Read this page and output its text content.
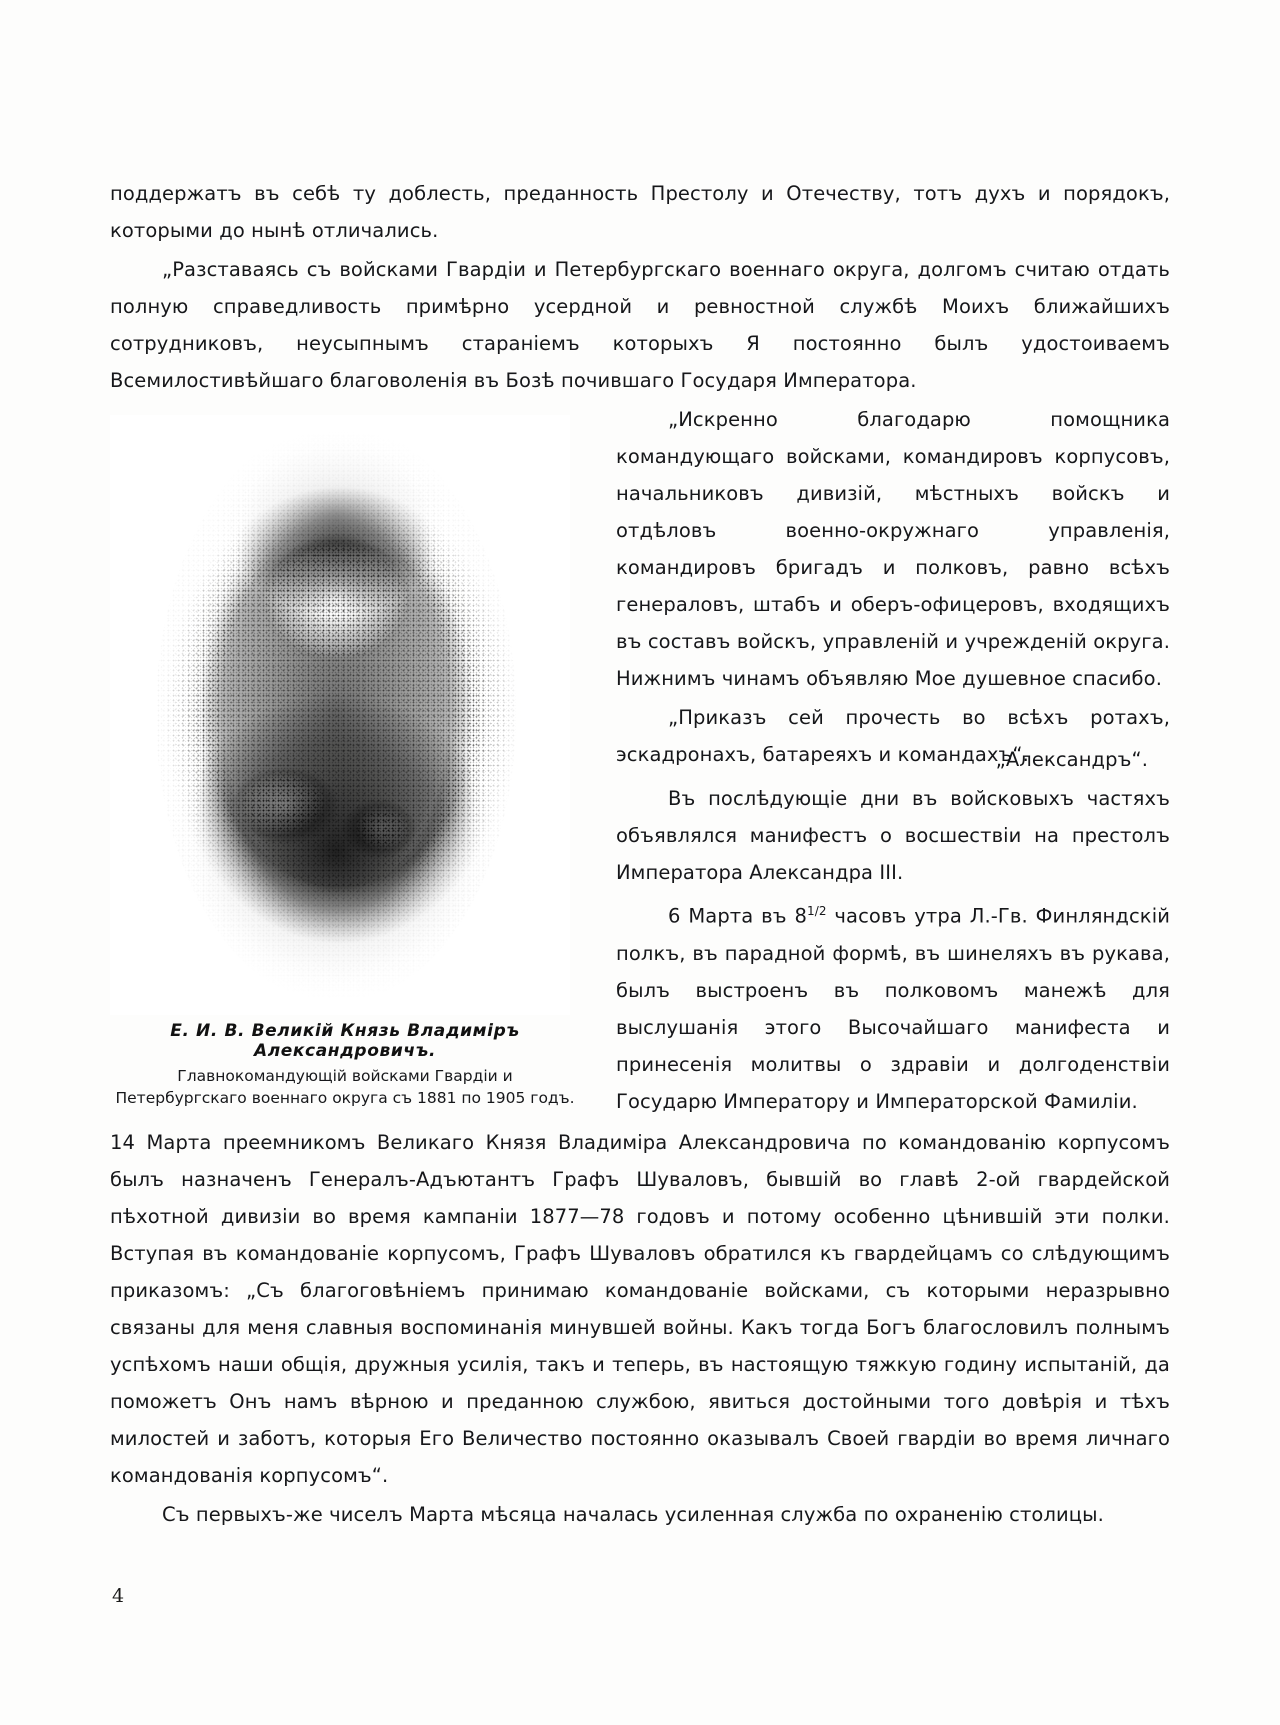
поддержатъ въ себѣ ту доблесть, преданность Престолу и Отечеству, тотъ духъ и порядокъ, которыми до нынѣ отличались.

„Разставаясь съ войсками Гвардіи и Петербургскаго военнаго округа, долгомъ считаю отдать полную справедливость примѣрно усердной и ревностной службѣ Моихъ ближайшихъ сотрудниковъ, неусыпнымъ стараніемъ которыхъ Я постоянно былъ удостоиваемъ Всемилостивѣйшаго благоволенія въ Бозѣ почившаго Государя Императора.

Е. И. В. Великій Князь Владиміръ Александровичъ.
Главнокомандующій войсками Гвардіи и Петербургскаго военнаго округа съ 1881 по 1905 годъ.

„Искренно благодарю помощника командующаго войсками, командировъ корпусовъ, начальниковъ дивизій, мѣстныхъ войскъ и отдѣловъ военно-окружнаго управленія, командировъ бригадъ и полковъ, равно всѣхъ генераловъ, штабъ и оберъ-офицеровъ, входящихъ въ составъ войскъ, управленій и учрежденій округа. Нижнимъ чинамъ объявляю Мое душевное спасибо.

„Приказъ сей прочесть во всѣхъ ротахъ, эскадронахъ, батареяхъ и командахъ“.

„Александръ“.

Въ послѣдующіе дни въ войсковыхъ частяхъ объявлялся манифестъ о восшествіи на престолъ Императора Александра III.

6 Марта въ $8^{1/2}$ часовъ утра Л.-Гв. Финляндскій полкъ, въ парадной формѣ, въ шинеляхъ въ рукава, былъ выстроенъ въ полковомъ манежѣ для выслушанія этого Высочайшаго манифеста и принесенія молитвы о здравіи и долгоденствіи Государю Императору и Императорской Фамиліи.

14 Марта преемникомъ Великаго Князя Владиміра Александровича по командованію корпусомъ былъ назначенъ Генералъ-Адъютантъ Графъ Шуваловъ, бывшій во главѣ 2-ой гвардейской пѣхотной дивизіи во время кампаніи 1877—78 годовъ и потому особенно цѣнившій эти полки. Вступая въ командованіе корпусомъ, Графъ Шуваловъ обратился къ гвардейцамъ со слѣдующимъ приказомъ: „Съ благоговѣніемъ принимаю командованіе войсками, съ которыми неразрывно связаны для меня славныя воспоминанія минувшей войны. Какъ тогда Богъ благословилъ полнымъ успѣхомъ наши общія, дружныя усилія, такъ и теперь, въ настоящую тяжкую годину испытаній, да поможетъ Онъ намъ вѣрною и преданною службою, явиться достойными того довѣрія и тѣхъ милостей и заботъ, которыя Его Величество постоянно оказывалъ Своей гвардіи во время личнаго командованія корпусомъ“.

Съ первыхъ-же чиселъ Марта мѣсяца началась усиленная служба по охраненію столицы.

4
